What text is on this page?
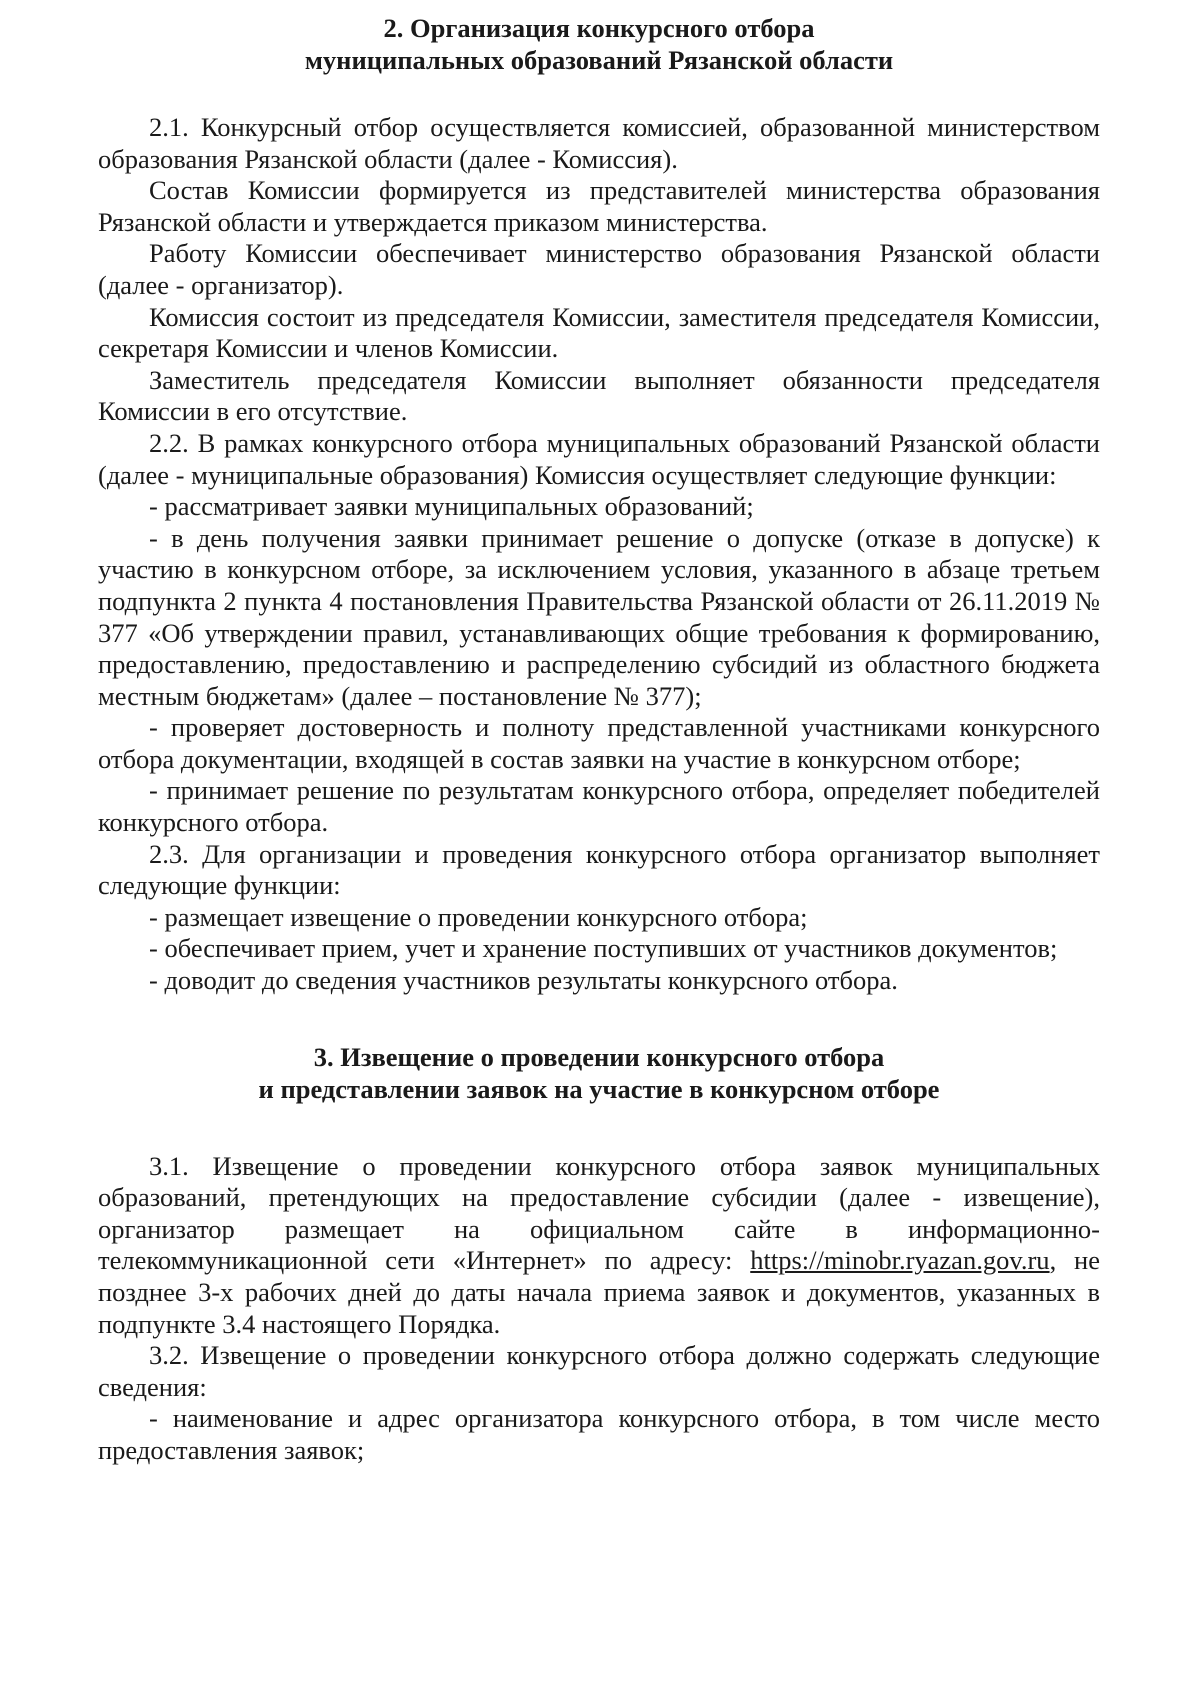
2. Организация конкурсного отбора
муниципальных образований Рязанской области

2.1. Конкурсный отбор осуществляется комиссией, образованной министерством образования Рязанской области (далее - Комиссия).

Состав Комиссии формируется из представителей министерства образования Рязанской области и утверждается приказом министерства.

Работу Комиссии обеспечивает министерство образования Рязанской области (далее - организатор).

Комиссия состоит из председателя Комиссии, заместителя председателя Комиссии, секретаря Комиссии и членов Комиссии.

Заместитель председателя Комиссии выполняет обязанности председателя Комиссии в его отсутствие.

2.2. В рамках конкурсного отбора муниципальных образований Рязанской области (далее - муниципальные образования) Комиссия осуществляет следующие функции:

- рассматривает заявки муниципальных образований;

- в день получения заявки принимает решение о допуске (отказе в допуске) к участию в конкурсном отборе, за исключением условия, указанного в абзаце третьем подпункта 2 пункта 4 постановления Правительства Рязанской области от 26.11.2019 № 377 «Об утверждении правил, устанавливающих общие требования к формированию, предоставлению, предоставлению и распределению субсидий из областного бюджета местным бюджетам» (далее – постановление № 377);

- проверяет достоверность и полноту представленной участниками конкурсного отбора документации, входящей в состав заявки на участие в конкурсном отборе;

- принимает решение по результатам конкурсного отбора, определяет победителей конкурсного отбора.

2.3. Для организации и проведения конкурсного отбора организатор выполняет следующие функции:

- размещает извещение о проведении конкурсного отбора;

- обеспечивает прием, учет и хранение поступивших от участников документов;

- доводит до сведения участников результаты конкурсного отбора.

3. Извещение о проведении конкурсного отбора
и представлении заявок на участие в конкурсном отборе

3.1. Извещение о проведении конкурсного отбора заявок муниципальных образований, претендующих на предоставление субсидии (далее - извещение), организатор размещает на официальном сайте в информационно-телекоммуникационной сети «Интернет» по адресу: https://minobr.ryazan.gov.ru, не позднее 3-х рабочих дней до даты начала приема заявок и документов, указанных в подпункте 3.4 настоящего Порядка.

3.2. Извещение о проведении конкурсного отбора должно содержать следующие сведения:

- наименование и адрес организатора конкурсного отбора, в том числе место предоставления заявок;
